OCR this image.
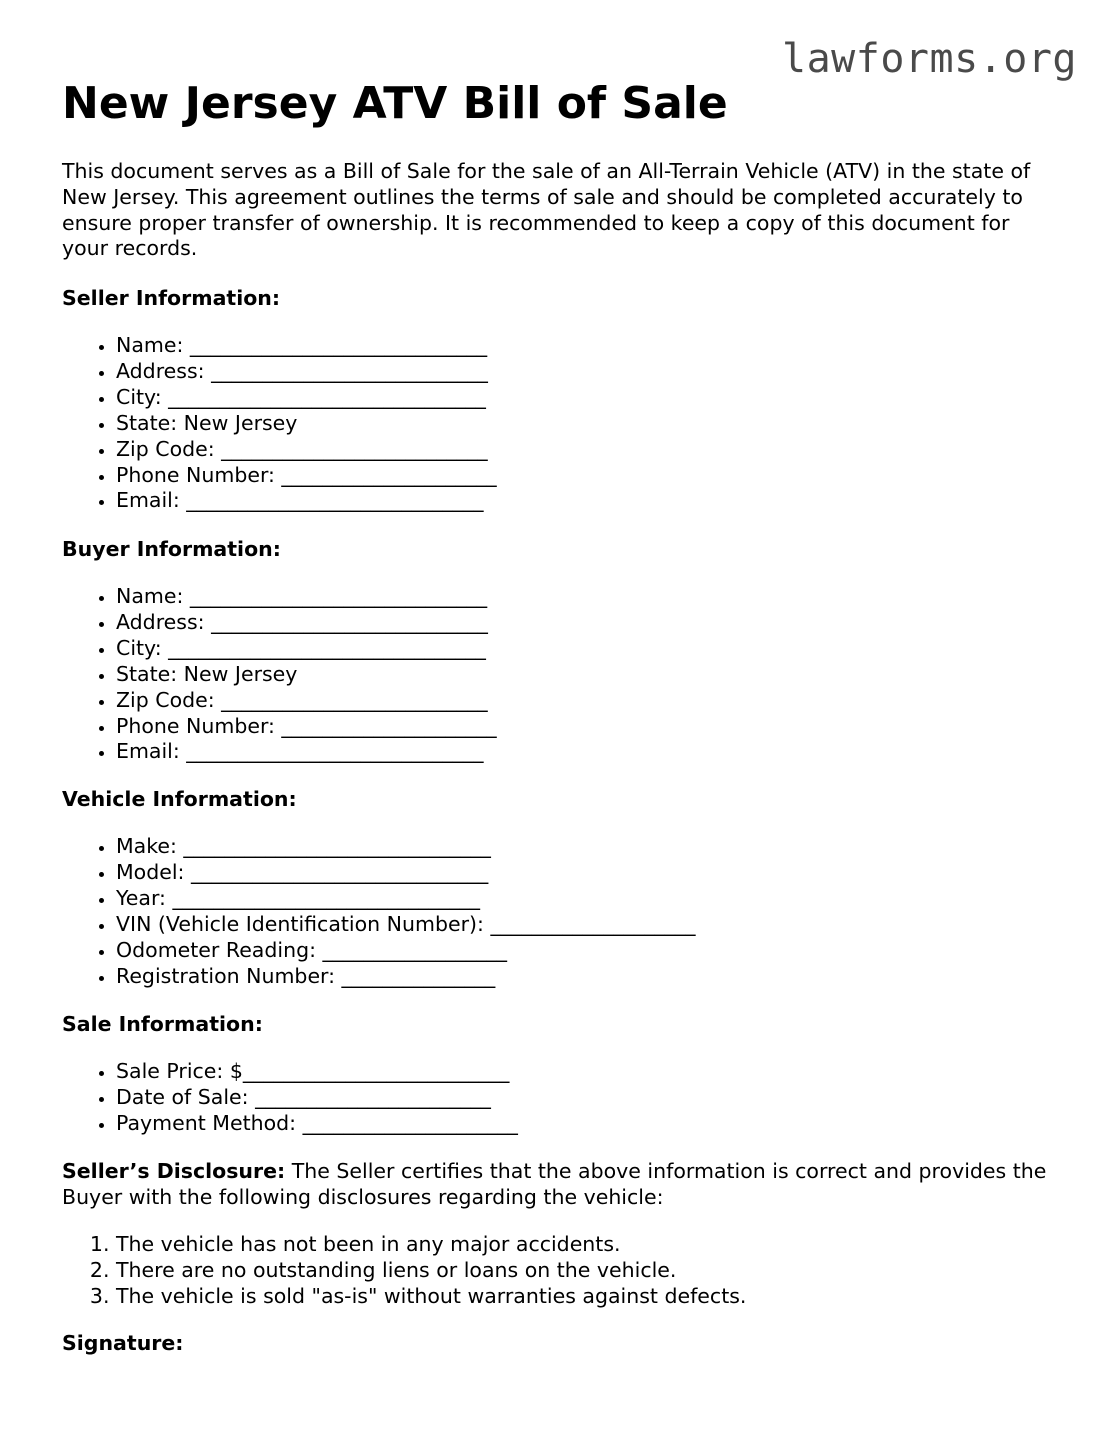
lawforms.org
New Jersey ATV Bill of Sale

This document serves as a Bill of Sale for the sale of an All-Terrain Vehicle (ATV) in the state of New Jersey. This agreement outlines the terms of sale and should be completed accurately to ensure proper transfer of ownership. It is recommended to keep a copy of this document for your records.

Seller Information:

• Name: _____________________________
• Address: ___________________________
• City: _______________________________
• State: New Jersey
• Zip Code: __________________________
• Phone Number: _____________________
• Email: _____________________________

Buyer Information:

• Name: _____________________________
• Address: ___________________________
• City: _______________________________
• State: New Jersey
• Zip Code: __________________________
• Phone Number: _____________________
• Email: _____________________________

Vehicle Information:

• Make: ______________________________
• Model: _____________________________
• Year: ______________________________
• VIN (Vehicle Identification Number): ____________________
• Odometer Reading: __________________
• Registration Number: _______________

Sale Information:

• Sale Price: $__________________________
• Date of Sale: _______________________
• Payment Method: _____________________

Seller’s Disclosure: The Seller certifies that the above information is correct and provides the Buyer with the following disclosures regarding the vehicle:

1. The vehicle has not been in any major accidents.
2. There are no outstanding liens or loans on the vehicle.
3. The vehicle is sold "as-is" without warranties against defects.

Signature:
